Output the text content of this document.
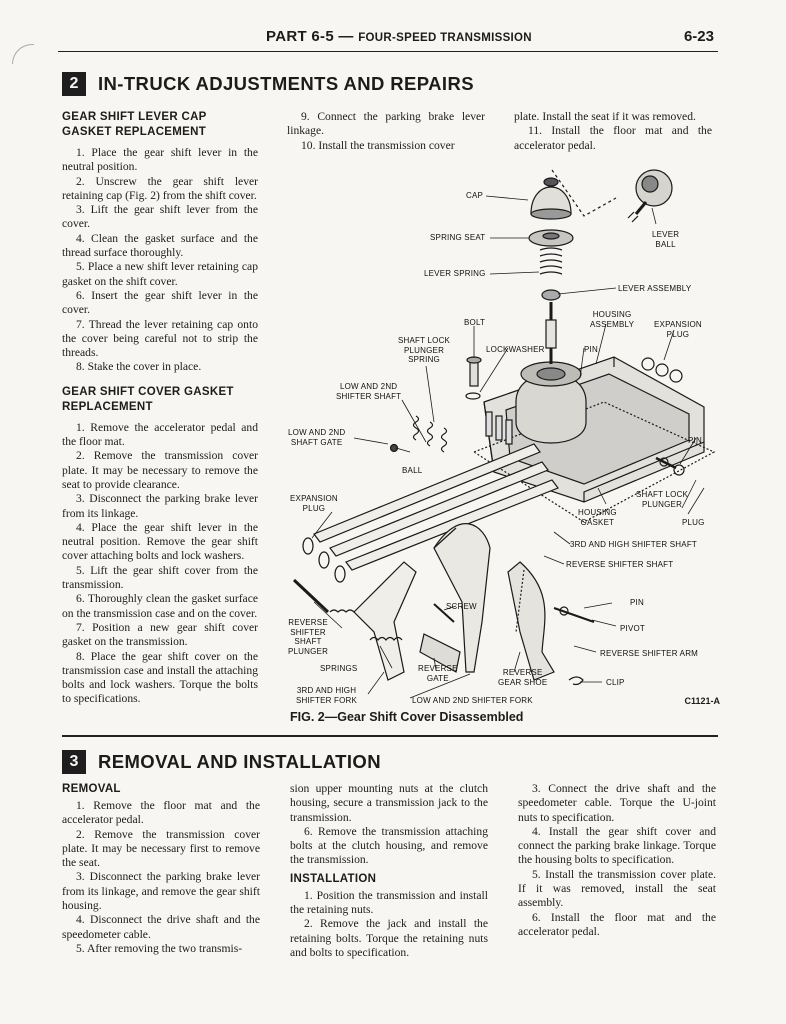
PART 6-5 — FOUR-SPEED TRANSMISSION	6-23
2	IN-TRUCK ADJUSTMENTS AND REPAIRS
GEAR SHIFT LEVER CAP GASKET REPLACEMENT

1. Place the gear shift lever in the neutral position.

2. Unscrew the gear shift lever retaining cap (Fig. 2) from the shift cover.

3. Lift the gear shift lever from the cover.

4. Clean the gasket surface and the thread surface thoroughly.

5. Place a new shift lever retaining cap gasket on the shift cover.

6. Insert the gear shift lever in the cover.

7. Thread the lever retaining cap onto the cover being careful not to strip the threads.

8. Stake the cover in place.

GEAR SHIFT COVER GASKET REPLACEMENT

1. Remove the accelerator pedal and the floor mat.

2. Remove the transmission cover plate. It may be necessary to remove the seat to provide clearance.

3. Disconnect the parking brake lever from its linkage.

4. Place the gear shift lever in the neutral position. Remove the gear shift cover attaching bolts and lock washers.

5. Lift the gear shift cover from the transmission.

6. Thoroughly clean the gasket surface on the transmission case and on the cover.

7. Position a new gear shift cover gasket on the transmission.

8. Place the gear shift cover on the transmission case and install the attaching bolts and lock washers. Torque the bolts to specifications.

9. Connect the parking brake lever linkage.

10. Install the transmission cover

plate. Install the seat if it was removed.

11. Install the floor mat and the accelerator pedal.

CAP
SPRING SEAT
LEVER SPRING
LEVER
BALL
LEVER ASSEMBLY
BOLT
HOUSING
ASSEMBLY EXPANSION
PLUG
SHAFT LOCK
PLUNGER
SPRING
LOCKWASHER	PIN
LOW AND 2ND
SHIFTER SHAFT
LOW AND 2ND
SHAFT GATE	PIN
BALL
EXPANSION
PLUG
SHAFT LOCK
PLUNGER
HOUSING
GASKET	PLUG
3RD AND HIGH SHIFTER SHAFT
REVERSE SHIFTER SHAFT
PIN
SCREW
PIVOT
REVERSE
SHIFTER
SHAFT
PLUNGER	REVERSE SHIFTER ARM
SPRINGS	REVERSE
GATE
REVERSE
GEAR SHOE	CLIP
3RD AND HIGH
SHIFTER FORK	LOW AND 2ND SHIFTER FORK	C1121-A
FIG. 2—Gear Shift Cover Disassembled
3	REMOVAL AND INSTALLATION
REMOVAL

1. Remove the floor mat and the accelerator pedal.

2. Remove the transmission cover plate. It may be necessary first to remove the seat.

3. Disconnect the parking brake lever from its linkage, and remove the gear shift housing.

4. Disconnect the drive shaft and the speedometer cable.

5. After removing the two transmis-

sion upper mounting nuts at the clutch housing, secure a transmission jack to the transmission.

6. Remove the transmission attaching bolts at the clutch housing, and remove the transmission.

INSTALLATION

1. Position the transmission and install the retaining nuts.

2. Remove the jack and install the retaining bolts. Torque the retaining nuts and bolts to specification.

3. Connect the drive shaft and the speedometer cable. Torque the U-joint nuts to specification.

4. Install the gear shift cover and connect the parking brake linkage. Torque the housing bolts to specification.

5. Install the transmission cover plate. If it was removed, install the seat assembly.

6. Install the floor mat and the accelerator pedal.
